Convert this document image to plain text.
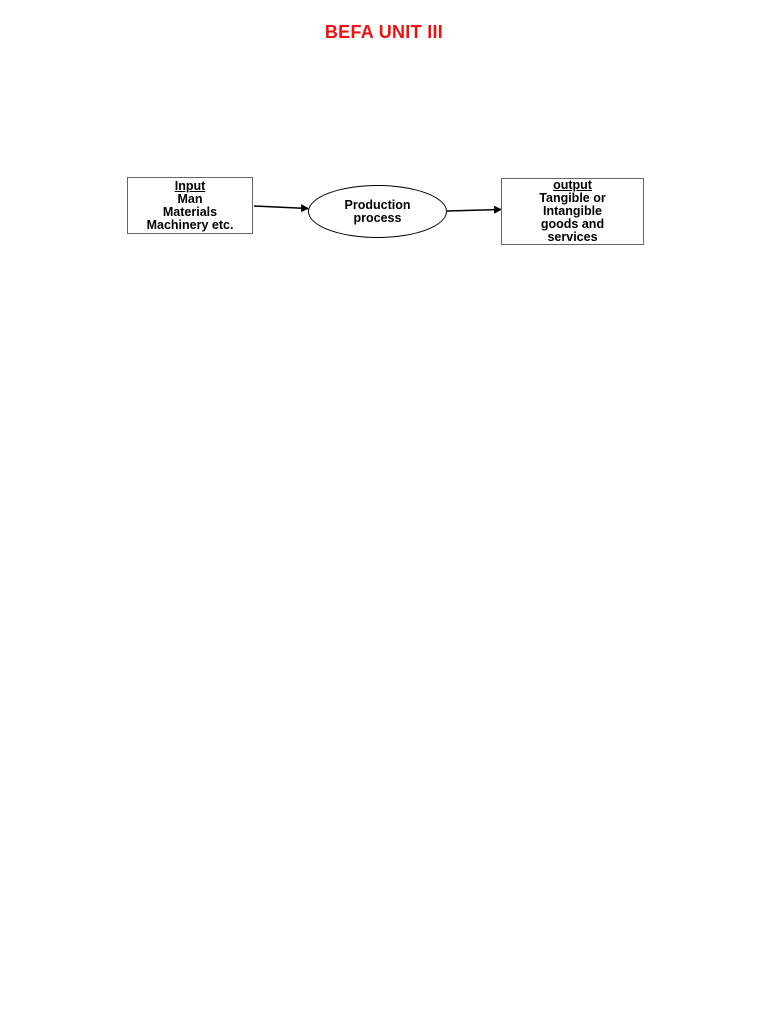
BEFA UNIT III
Input
Man
Materials
Machinery etc.
Production
process
output
Tangible or
Intangible
goods and
services
